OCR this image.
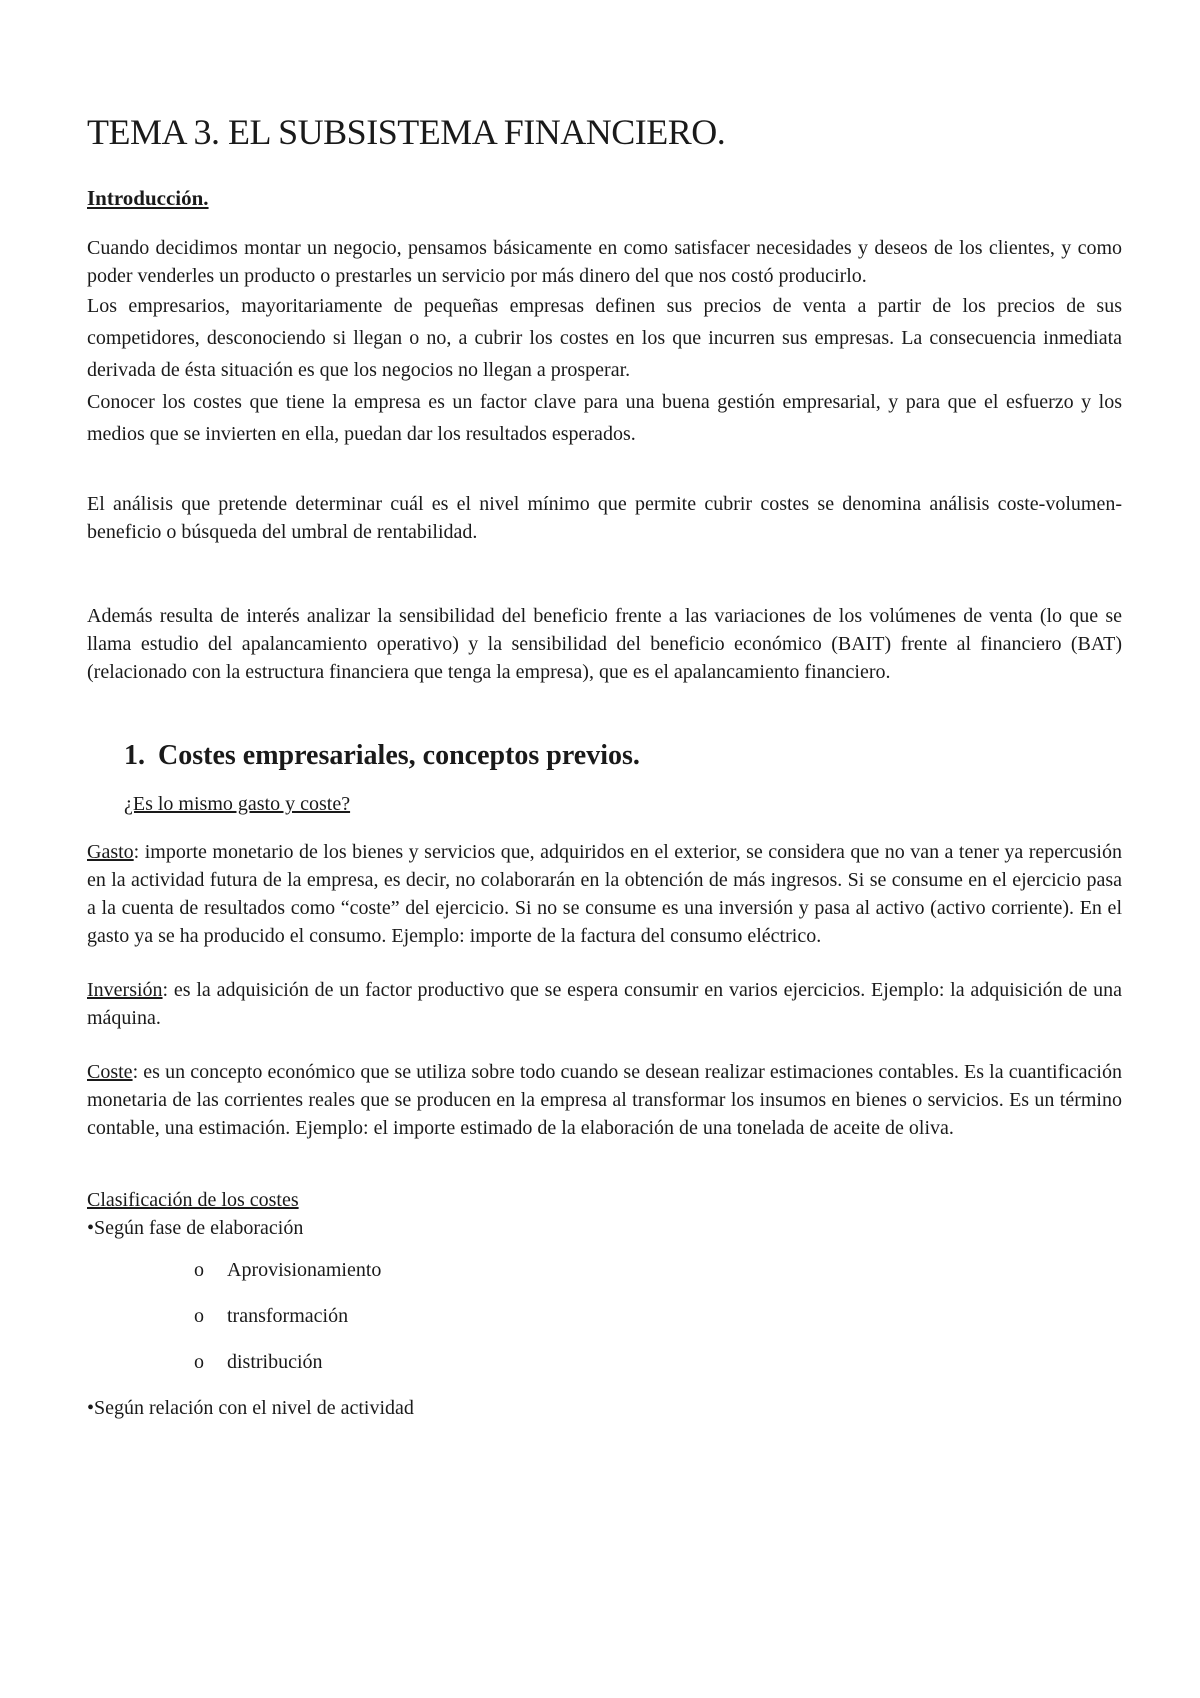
TEMA 3. EL SUBSISTEMA FINANCIERO.

Introducción.

Cuando decidimos montar un negocio, pensamos básicamente en como satisfacer necesidades y deseos de los clientes, y como poder venderles un producto o prestarles un servicio por más dinero del que nos costó producirlo.

Los empresarios, mayoritariamente de pequeñas empresas definen sus precios de venta a partir de los precios de sus competidores, desconociendo si llegan o no, a cubrir los costes en los que incurren sus empresas. La consecuencia inmediata derivada de ésta situación es que los negocios no llegan a prosperar.

Conocer los costes que tiene la empresa es un factor clave para una buena gestión empresarial, y para que el esfuerzo y los medios que se invierten en ella, puedan dar los resultados esperados.

El análisis que pretende determinar cuál es el nivel mínimo que permite cubrir costes se denomina análisis coste-volumen-beneficio o búsqueda del umbral de rentabilidad.

Además resulta de interés analizar la sensibilidad del beneficio frente a las variaciones de los volúmenes de venta (lo que se llama estudio del apalancamiento operativo) y la sensibilidad del beneficio económico (BAIT) frente al financiero (BAT) (relacionado con la estructura financiera que tenga la empresa), que es el apalancamiento financiero.

1. Costes empresariales, conceptos previos.

¿Es lo mismo gasto y coste?

Gasto: importe monetario de los bienes y servicios que, adquiridos en el exterior, se considera que no van a tener ya repercusión en la actividad futura de la empresa, es decir, no colaborarán en la obtención de más ingresos. Si se consume en el ejercicio pasa a la cuenta de resultados como “coste” del ejercicio. Si no se consume es una inversión y pasa al activo (activo corriente). En el gasto ya se ha producido el consumo. Ejemplo: importe de la factura del consumo eléctrico.

Inversión: es la adquisición de un factor productivo que se espera consumir en varios ejercicios. Ejemplo: la adquisición de una máquina.

Coste: es un concepto económico que se utiliza sobre todo cuando se desean realizar estimaciones contables. Es la cuantificación monetaria de las corrientes reales que se producen en la empresa al transformar los insumos en bienes o servicios. Es un término contable, una estimación. Ejemplo: el importe estimado de la elaboración de una tonelada de aceite de oliva.

Clasificación de los costes

•Según fase de elaboración

o Aprovisionamiento
o transformación
o distribución

•Según relación con el nivel de actividad
